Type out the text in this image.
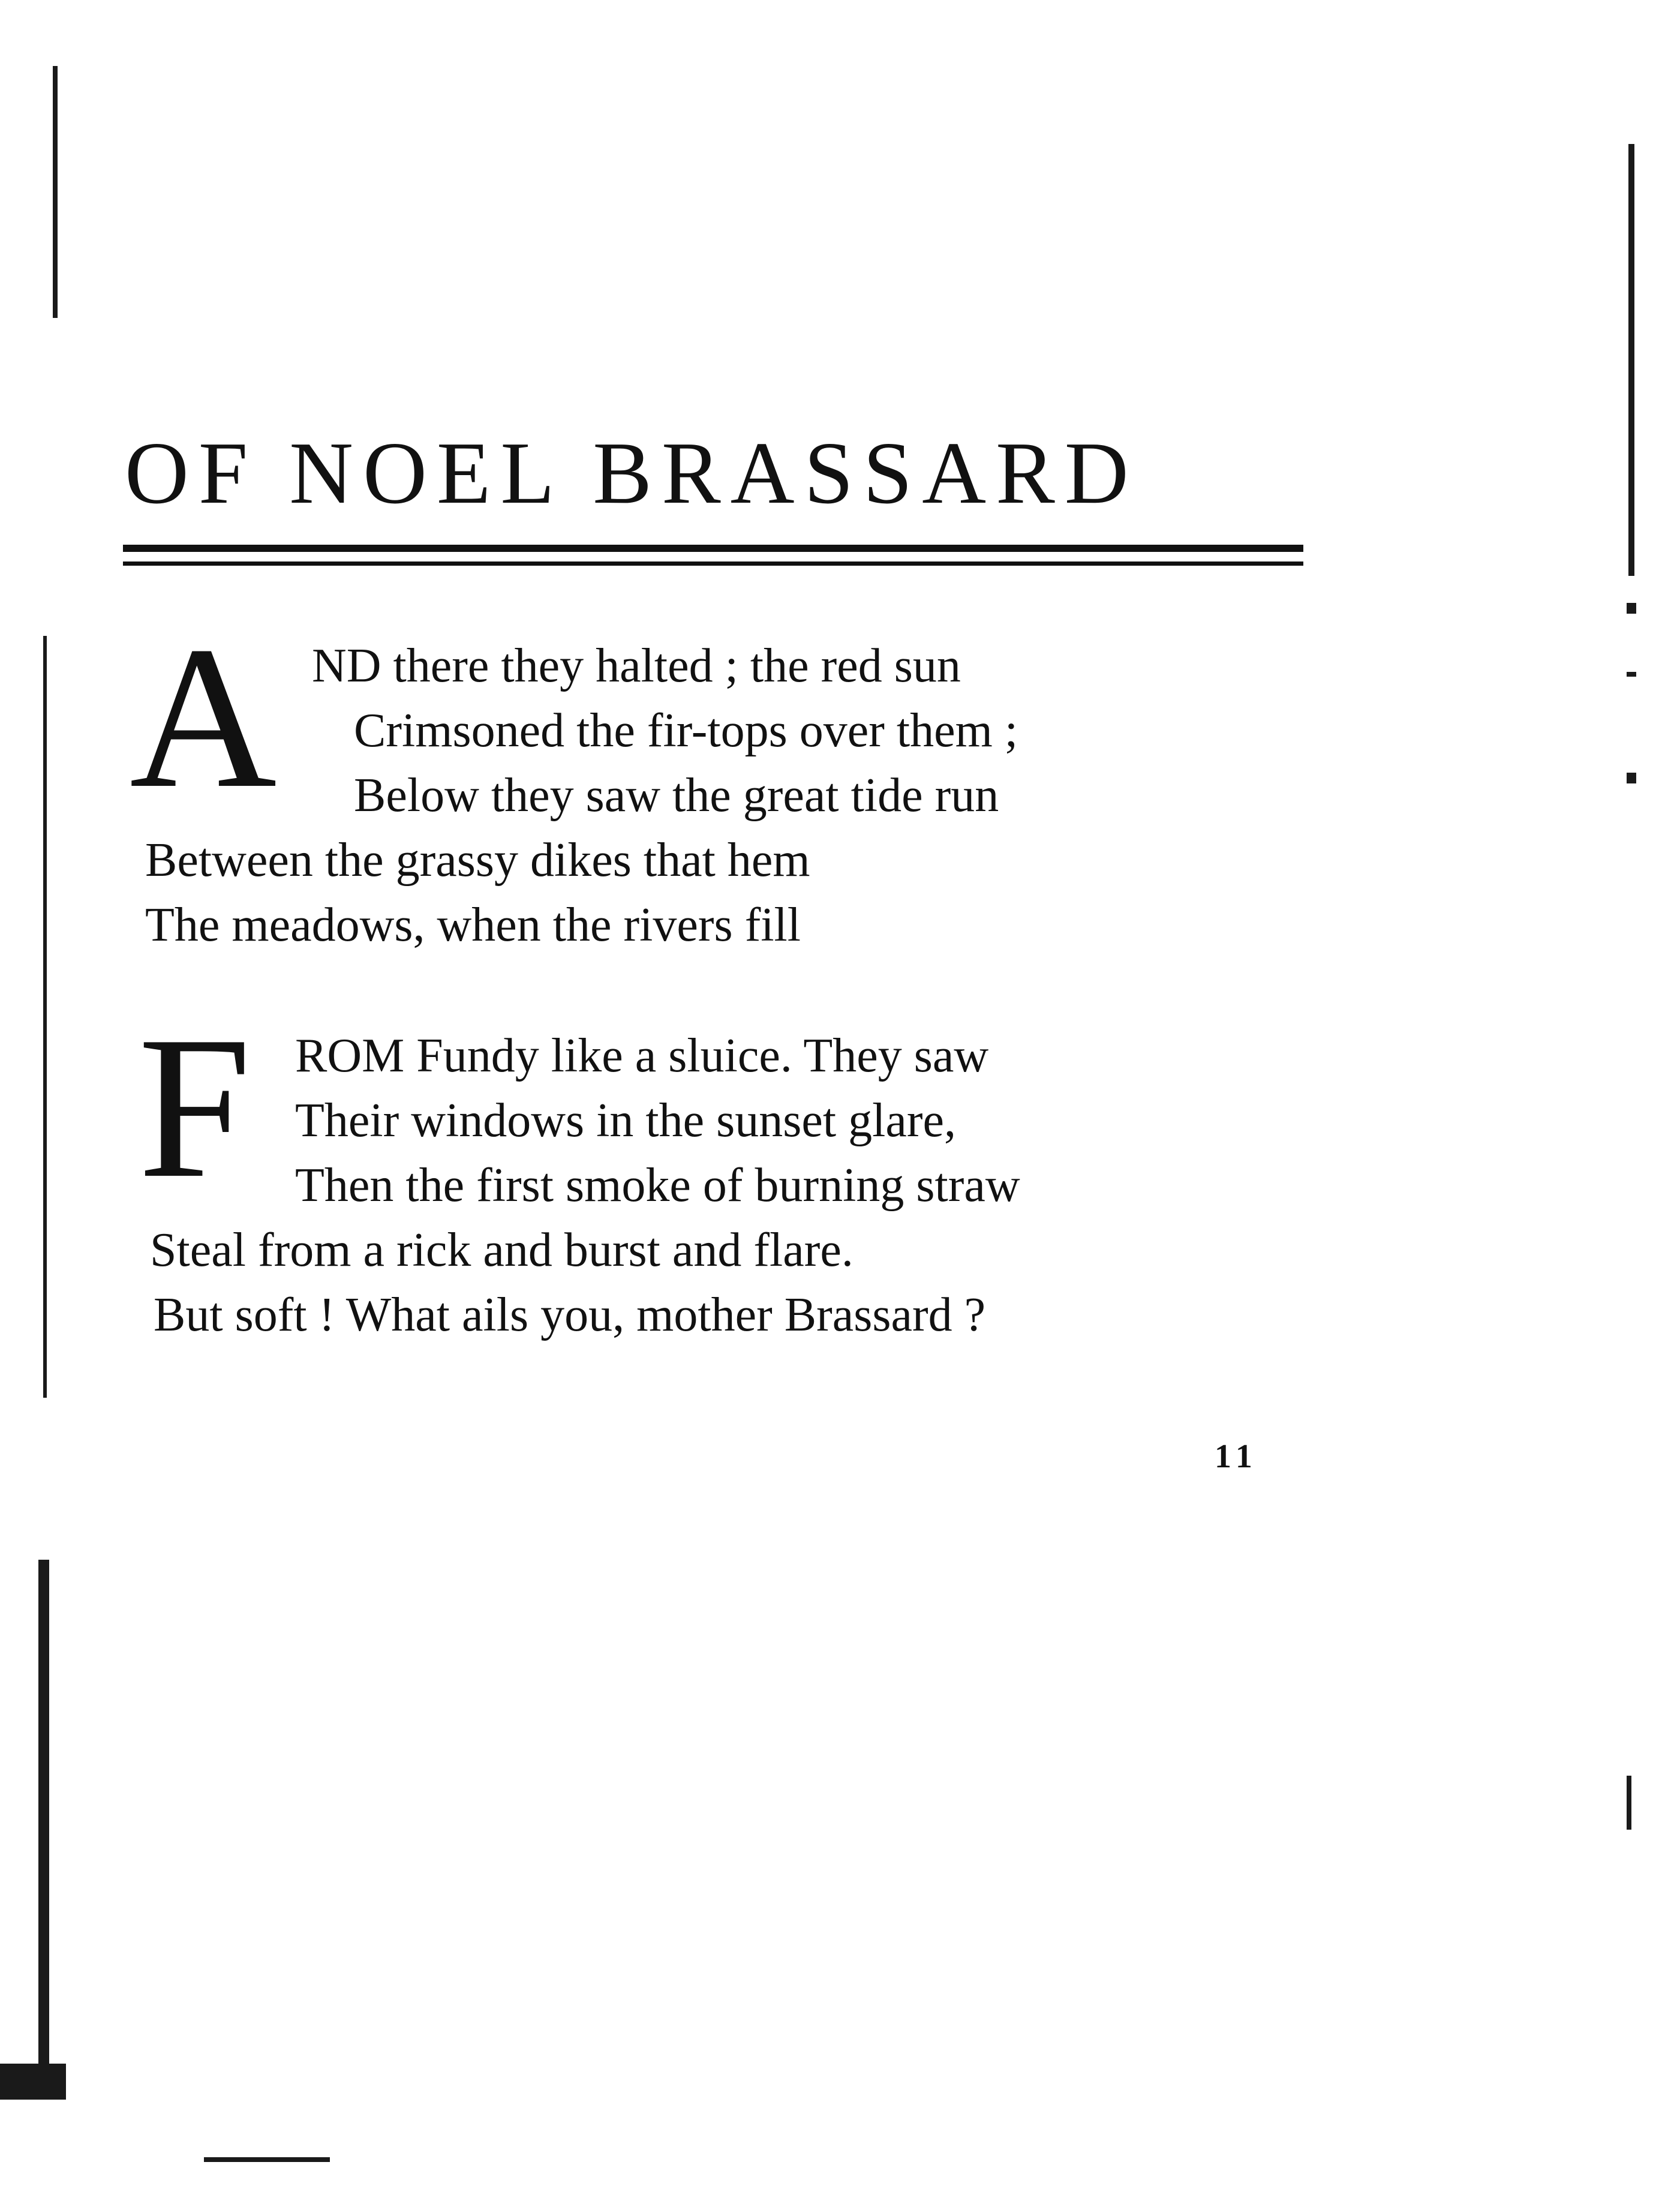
OF NOEL BRASSARD
A ND there they halted ; the red sun
Crimsoned the fir-tops over them ;
Below they saw the great tide run
Between the grassy dikes that hem
The meadows, when the rivers fill
F ROM Fundy like a sluice. They saw
Their windows in the sunset glare,
Then the first smoke of burning straw
Steal from a rick and burst and flare.
But soft ! What ails you, mother Brassard ?
11
